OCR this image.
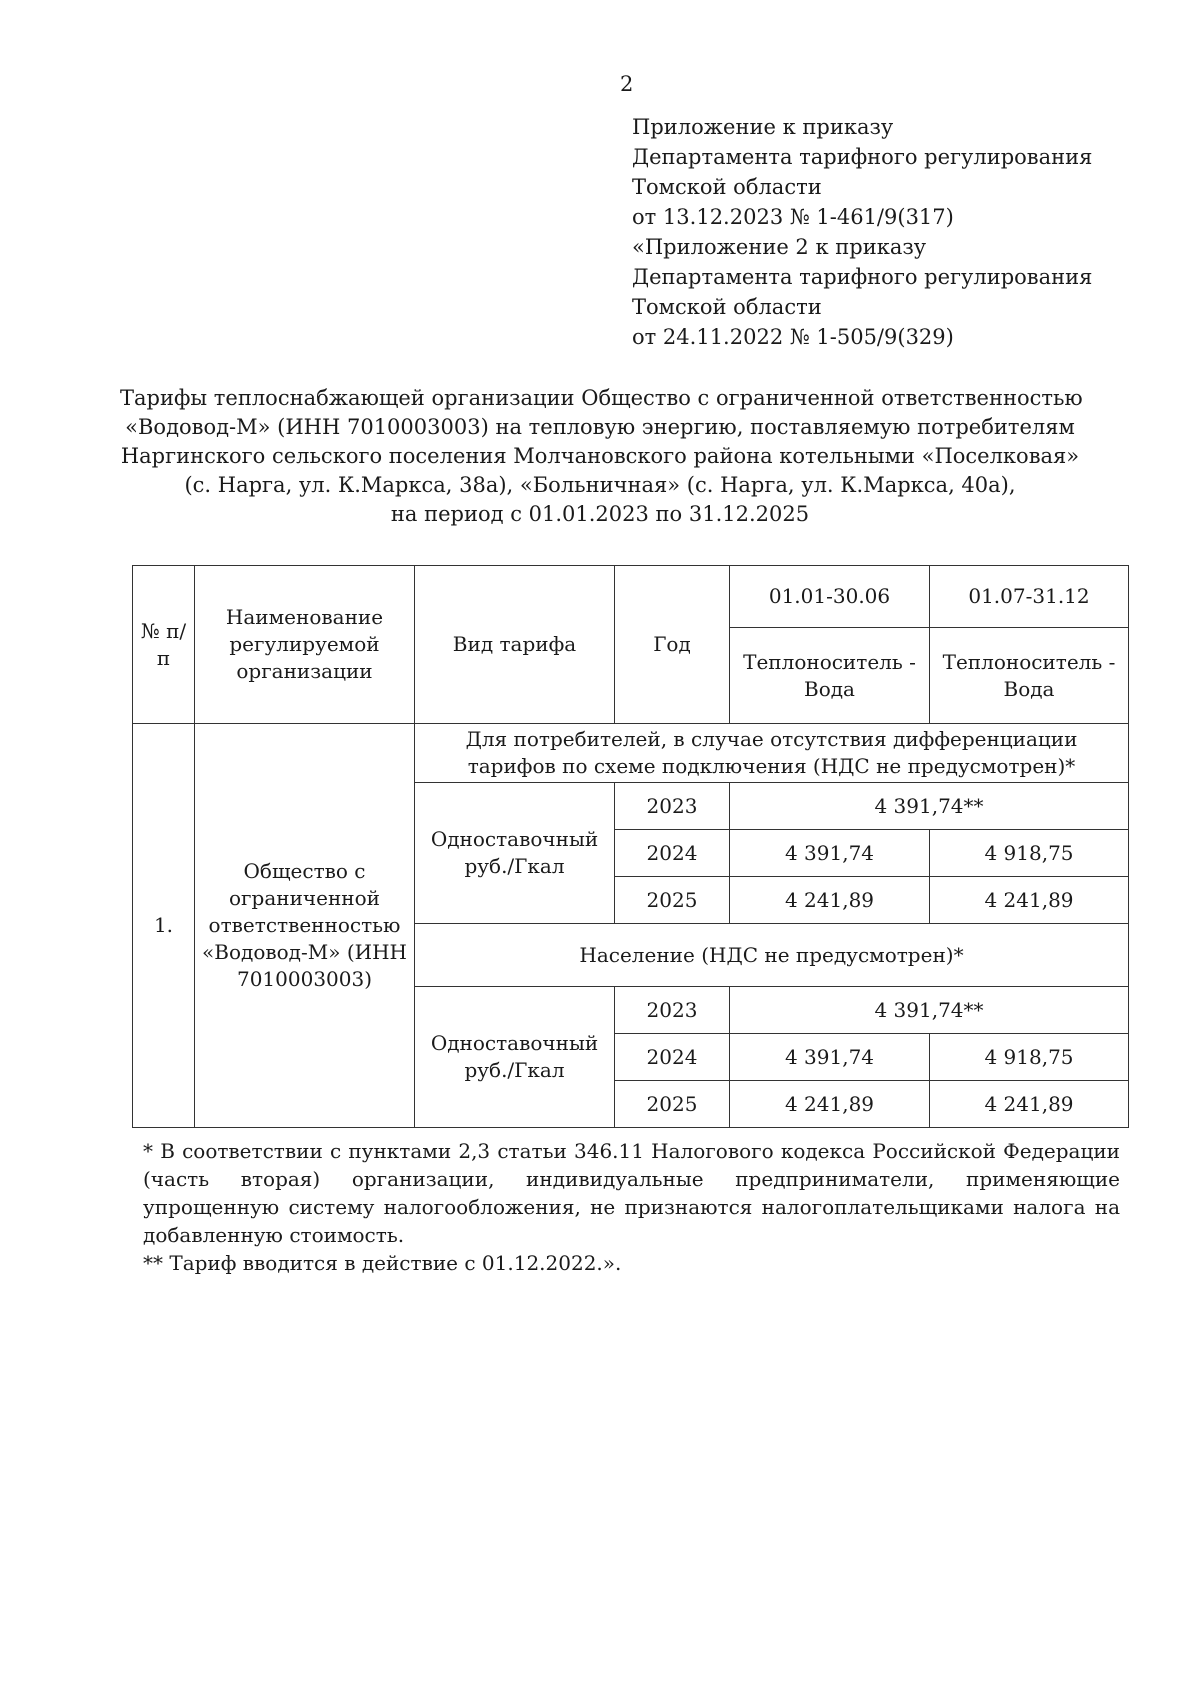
2
Приложение к приказу
Департамента тарифного регулирования
Томской области
от 13.12.2023 № 1-461/9(317)
«Приложение 2 к приказу
Департамента тарифного регулирования
Томской области
от 24.11.2022 № 1-505/9(329)
Тарифы теплоснабжающей организации Общество с ограниченной ответственностью
«Водовод-М» (ИНН 7010003003) на тепловую энергию, поставляемую потребителям
Наргинского сельского поселения Молчановского района котельными «Поселковая»
(с. Нарга, ул. К.Маркса, 38а), «Больничная» (с. Нарга, ул. К.Маркса, 40а),
на период с 01.01.2023 по 31.12.2025
№ п/п	Наименование регулируемой организации	Вид тарифа	Год	01.01-30.06	01.07-31.12
				Теплоноситель - Вода	Теплоноситель - Вода
1.	Общество с ограниченной ответственностью «Водовод-М» (ИНН 7010003003)	Для потребителей, в случае отсутствия дифференциации тарифов по схеме подключения (НДС не предусмотрен)*			
		Одноставочный руб./Гкал	2023	4 391,74**	
			2024	4 391,74	4 918,75
			2025	4 241,89	4 241,89
		Население (НДС не предусмотрен)*			
		Одноставочный руб./Гкал	2023	4 391,74**	
			2024	4 391,74	4 918,75
			2025	4 241,89	4 241,89
* В соответствии с пунктами 2,3 статьи 346.11 Налогового кодекса Российской Федерации (часть вторая) организации, индивидуальные предприниматели, применяющие упрощенную систему налогообложения, не признаются налогоплательщиками налога на добавленную стоимость.
** Тариф вводится в действие с 01.12.2022.».
